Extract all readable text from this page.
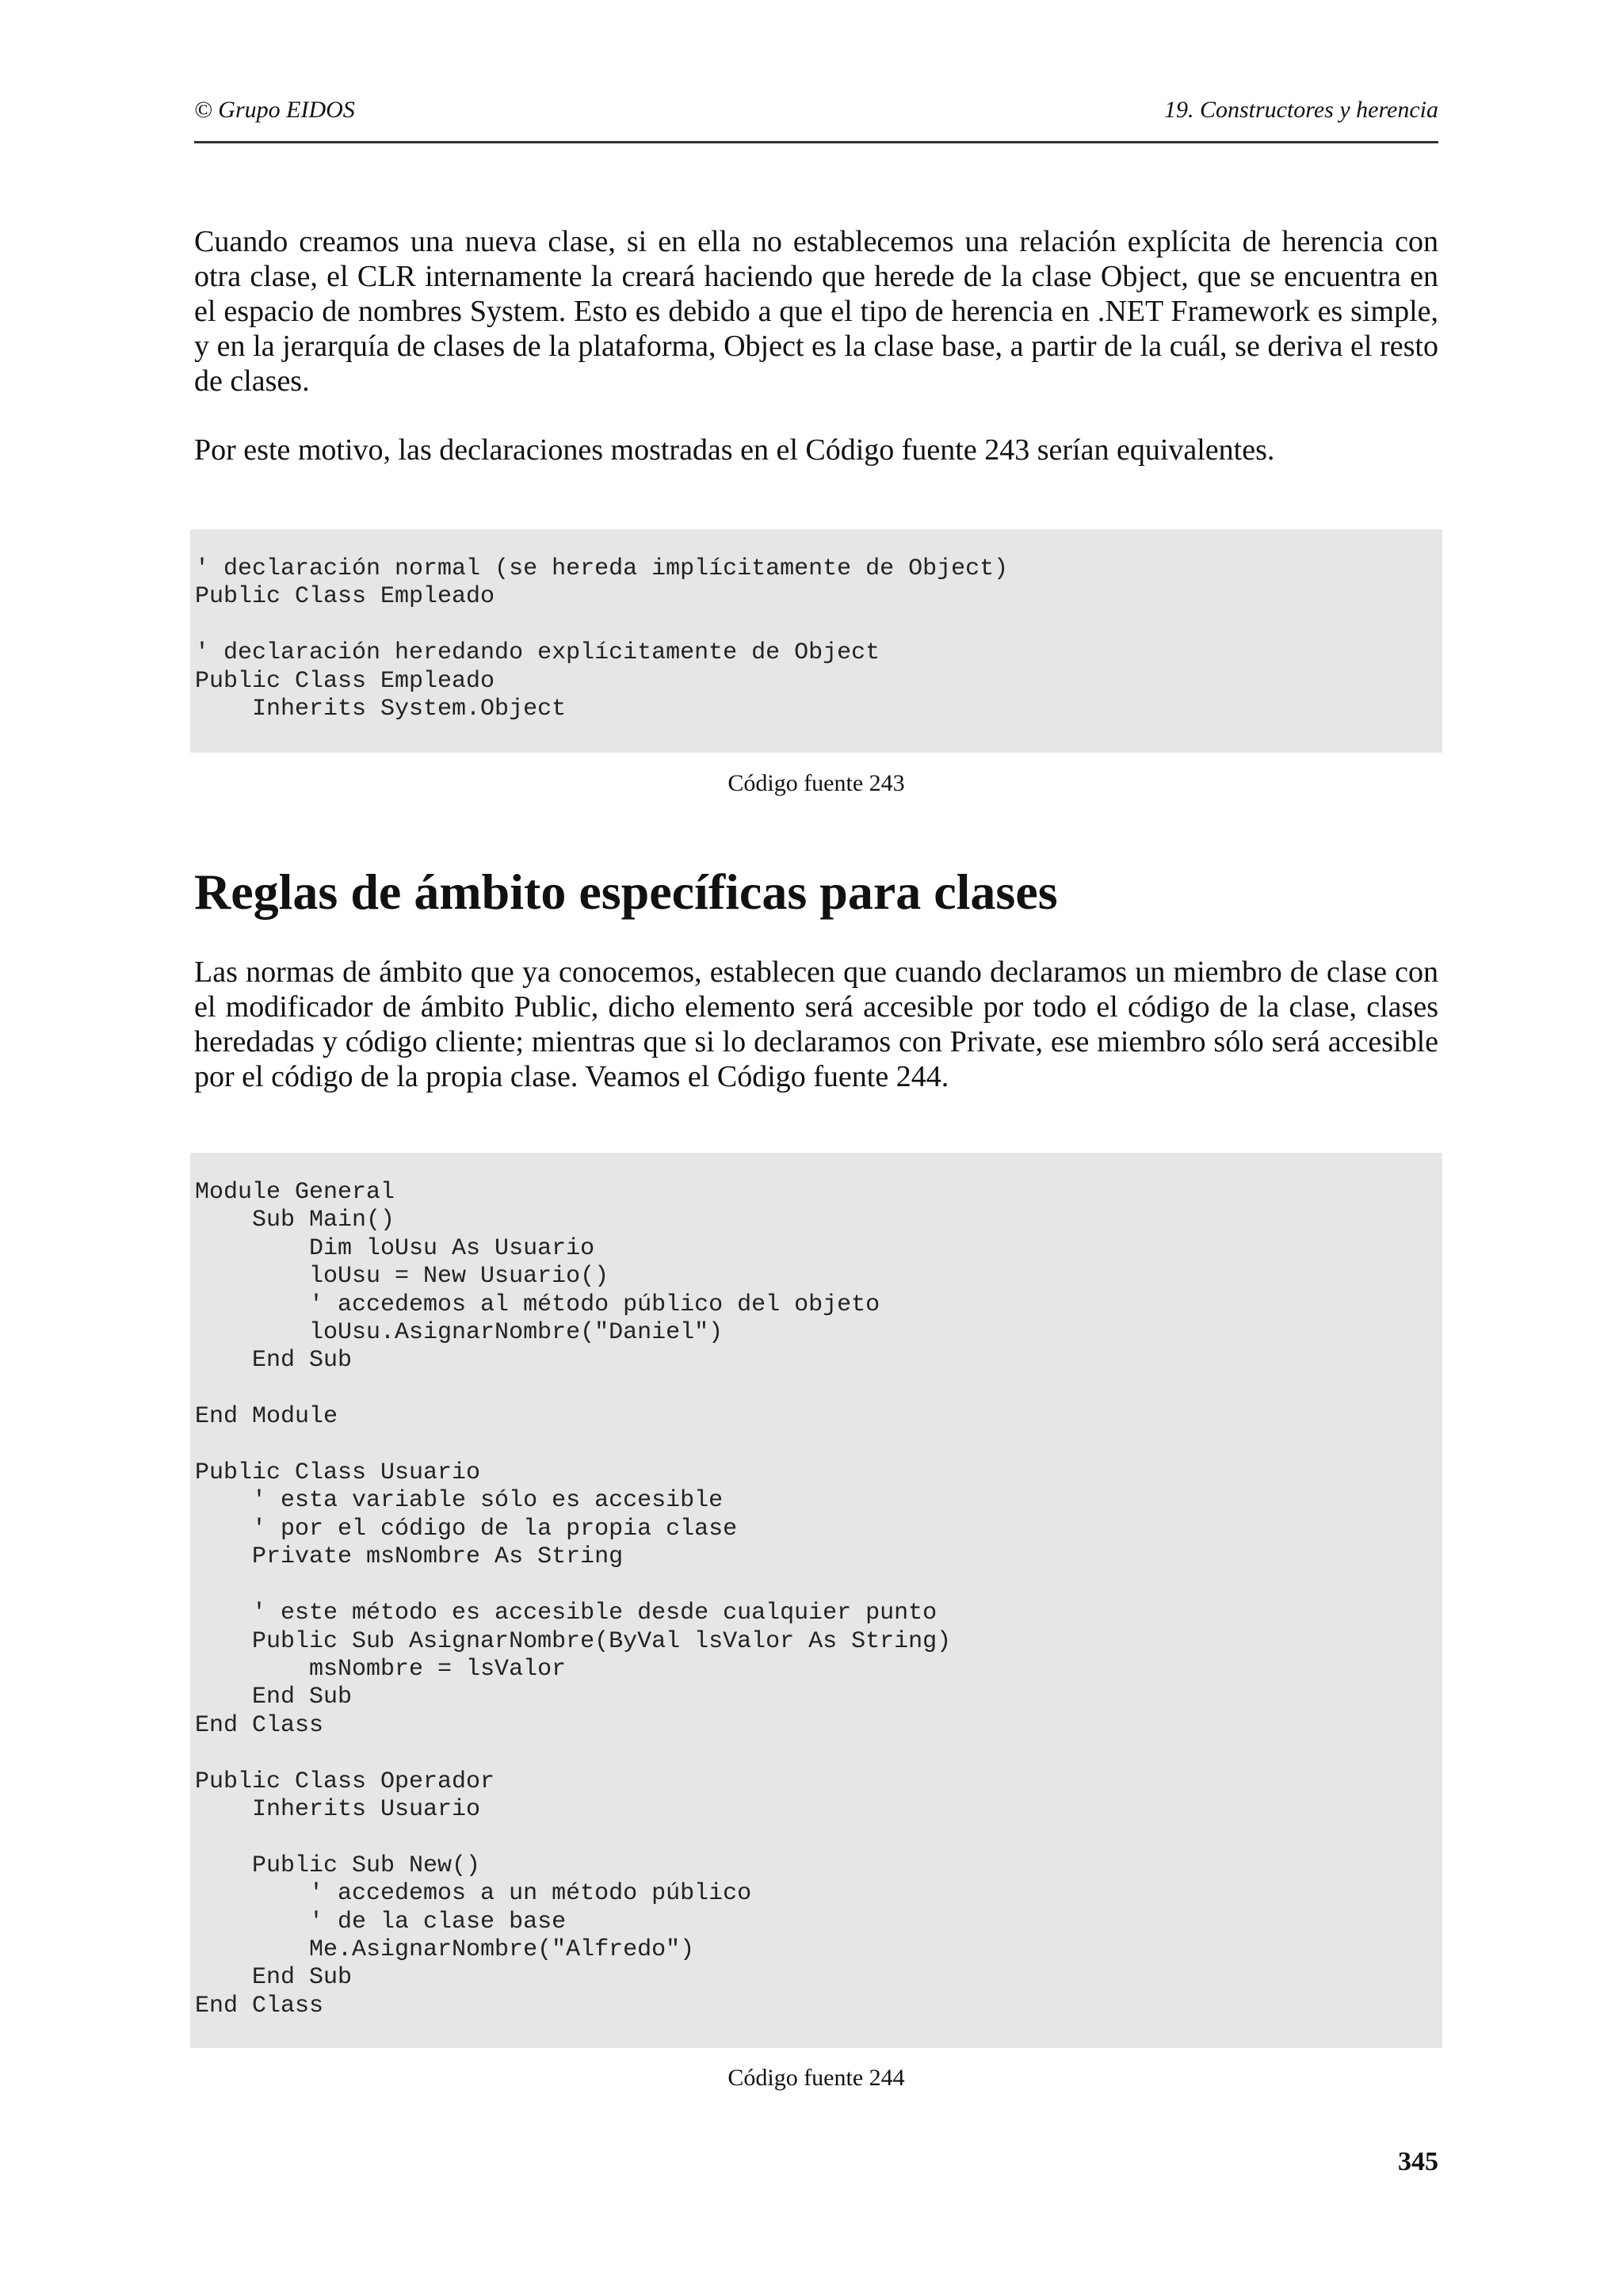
© Grupo EIDOS	19. Constructores y herencia

Cuando creamos una nueva clase, si en ella no establecemos una relación explícita de herencia con otra clase, el CLR internamente la creará haciendo que herede de la clase Object, que se encuentra en el espacio de nombres System. Esto es debido a que el tipo de herencia en .NET Framework es simple, y en la jerarquía de clases de la plataforma, Object es la clase base, a partir de la cuál, se deriva el resto de clases.

Por este motivo, las declaraciones mostradas en el Código fuente 243 serían equivalentes.

' declaración normal (se hereda implícitamente de Object)
Public Class Empleado

' declaración heredando explícitamente de Object
Public Class Empleado
Inherits System.Object
Código fuente 243
Reglas de ámbito específicas para clases

Las normas de ámbito que ya conocemos, establecen que cuando declaramos un miembro de clase con el modificador de ámbito Public, dicho elemento será accesible por todo el código de la clase, clases heredadas y código cliente; mientras que si lo declaramos con Private, ese miembro sólo será accesible por el código de la propia clase. Veamos el Código fuente 244.

Module General
Sub Main()
Dim loUsu As Usuario
loUsu = New Usuario()
' accedemos al método público del objeto
loUsu.AsignarNombre("Daniel")
End Sub

End Module

Public Class Usuario
' esta variable sólo es accesible
' por el código de la propia clase
Private msNombre As String

' este método es accesible desde cualquier punto
Public Sub AsignarNombre(ByVal lsValor As String)
msNombre = lsValor
End Sub
End Class

Public Class Operador
Inherits Usuario

Public Sub New()
' accedemos a un método público
' de la clase base
Me.AsignarNombre("Alfredo")
End Sub
End Class
Código fuente 244
345
